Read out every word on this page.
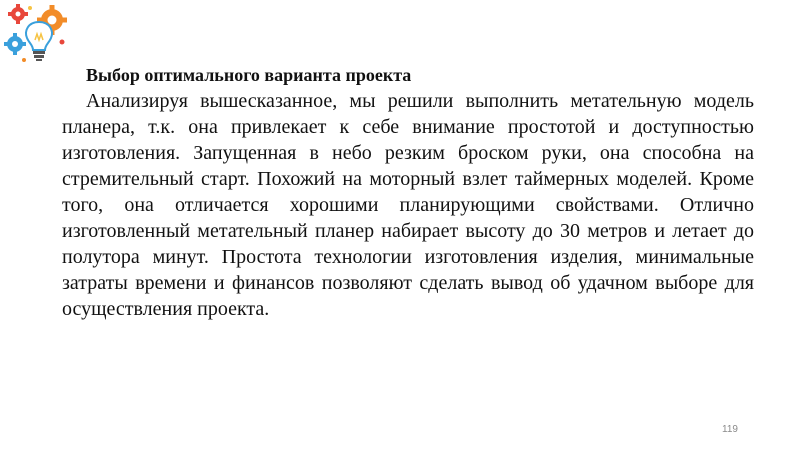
Выбор оптимального варианта проекта

Анализируя вышесказанное, мы решили выполнить метательную модель планера, т.к. она привлекает к себе внимание простотой и доступностью изготовления. Запущенная в небо резким броском руки, она способна на стремительный старт. Похожий на моторный взлет таймерных моделей. Кроме того, она отличается хорошими планирующими свойствами. Отлично изготовленный метательный планер набирает высоту до 30 метров и летает до полутора минут. Простота технологии изготовления изделия, минимальные затраты времени и финансов позволяют сделать вывод об удачном выборе для осуществления проекта.

119
